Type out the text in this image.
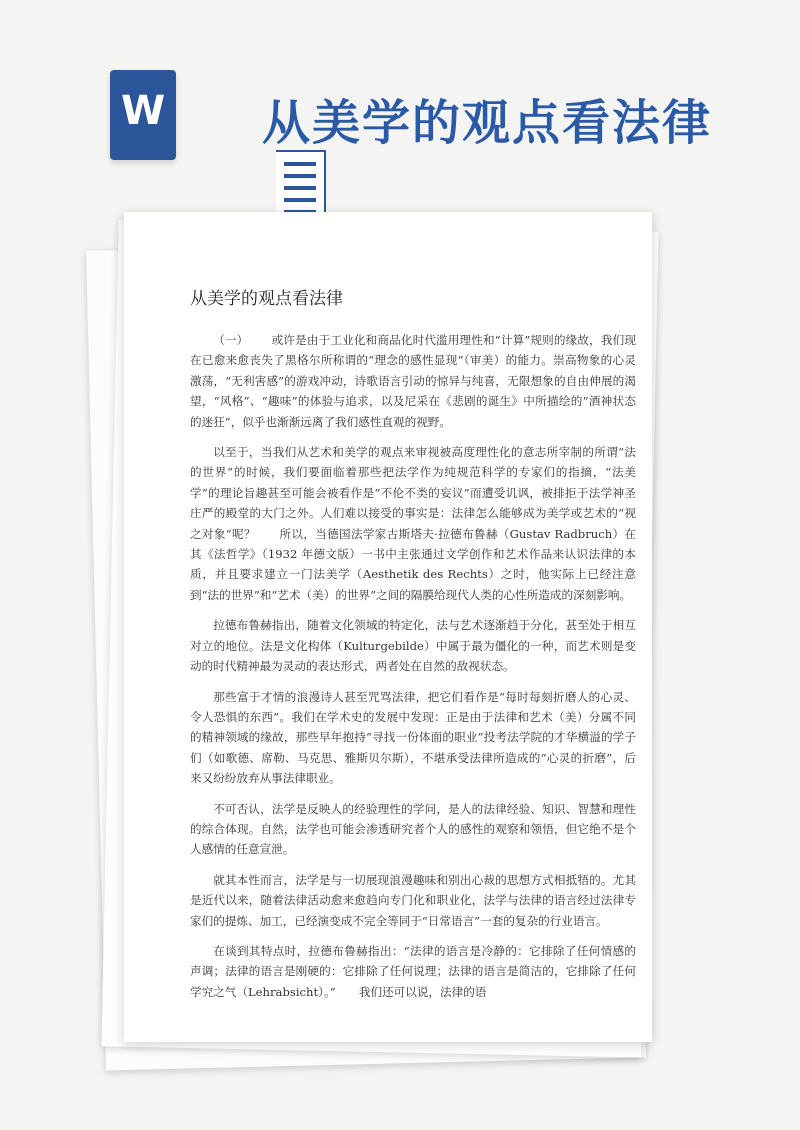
W 从美学的观点看法律
从美学的观点看法律

（一） 或许是由于工业化和商品化时代滥用理性和“计算”规则的缘故，我们现在已愈来愈丧失了黑格尔所称谓的“理念的感性显现”（审美）的能力。崇高物象的心灵激荡，“无利害感”的游戏冲动，诗歌语言引动的惊异与纯喜，无限想象的自由伸展的渴望，“风格”、“趣味”的体验与追求，以及尼采在《悲剧的诞生》中所描绘的“酒神状态的迷狂”，似乎也渐渐远离了我们感性直观的视野。

以至于，当我们从艺术和美学的观点来审视被高度理性化的意志所宰制的所谓“法的世界”的时候，我们要面临着那些把法学作为纯规范科学的专家们的指摘，“法美学”的理论旨趣甚至可能会被看作是“不伦不类的妄议”而遭受讥讽，被排拒于法学神圣庄严的殿堂的大门之外。人们难以接受的事实是：法律怎么能够成为美学或艺术的“视之对象”呢？　　所以，当德国法学家古斯塔夫·拉德布鲁赫（Gustav Radbruch）在其《法哲学》（1932 年德文版）一书中主张通过文学创作和艺术作品来认识法律的本质，并且要求建立一门法美学（Aesthetik des Rechts）之时，他实际上已经注意到“法的世界”和“艺术（美）的世界”之间的隔膜给现代人类的心性所造成的深刻影响。

拉德布鲁赫指出，随着文化领域的特定化，法与艺术逐渐趋于分化，甚至处于相互对立的地位。法是文化构体（Kulturgebilde）中属于最为僵化的一种，而艺术则是变动的时代精神最为灵动的表达形式，两者处在自然的敌视状态。

那些富于才情的浪漫诗人甚至咒骂法律，把它们看作是“每时每刻折磨人的心灵、令人恐惧的东西”。我们在学术史的发展中发现：正是由于法律和艺术（美）分属不同的精神领域的缘故，那些早年抱持“寻找一份体面的职业”投考法学院的才华横溢的学子们（如歌德、席勒、马克思、雅斯贝尔斯），不堪承受法律所造成的“心灵的折磨”，后来又纷纷放弃从事法律职业。

不可否认，法学是反映人的经验理性的学问，是人的法律经验、知识、智慧和理性的综合体现。自然，法学也可能会渗透研究者个人的感性的观察和领悟，但它绝不是个人感情的任意宣泄。

就其本性而言，法学是与一切展现浪漫趣味和别出心裁的思想方式相抵牾的。尤其是近代以来，随着法律活动愈来愈趋向专门化和职业化，法学与法律的语言经过法律专家们的提炼、加工，已经演变成不完全等同于“日常语言”一套的复杂的行业语言。

在谈到其特点时，拉德布鲁赫指出：“法律的语言是冷静的：它排除了任何情感的声调；法律的语言是刚硬的：它排除了任何说理；法律的语言是简洁的，它排除了任何学究之气（Lehrabsicht）。”　　我们还可以说，法律的语
